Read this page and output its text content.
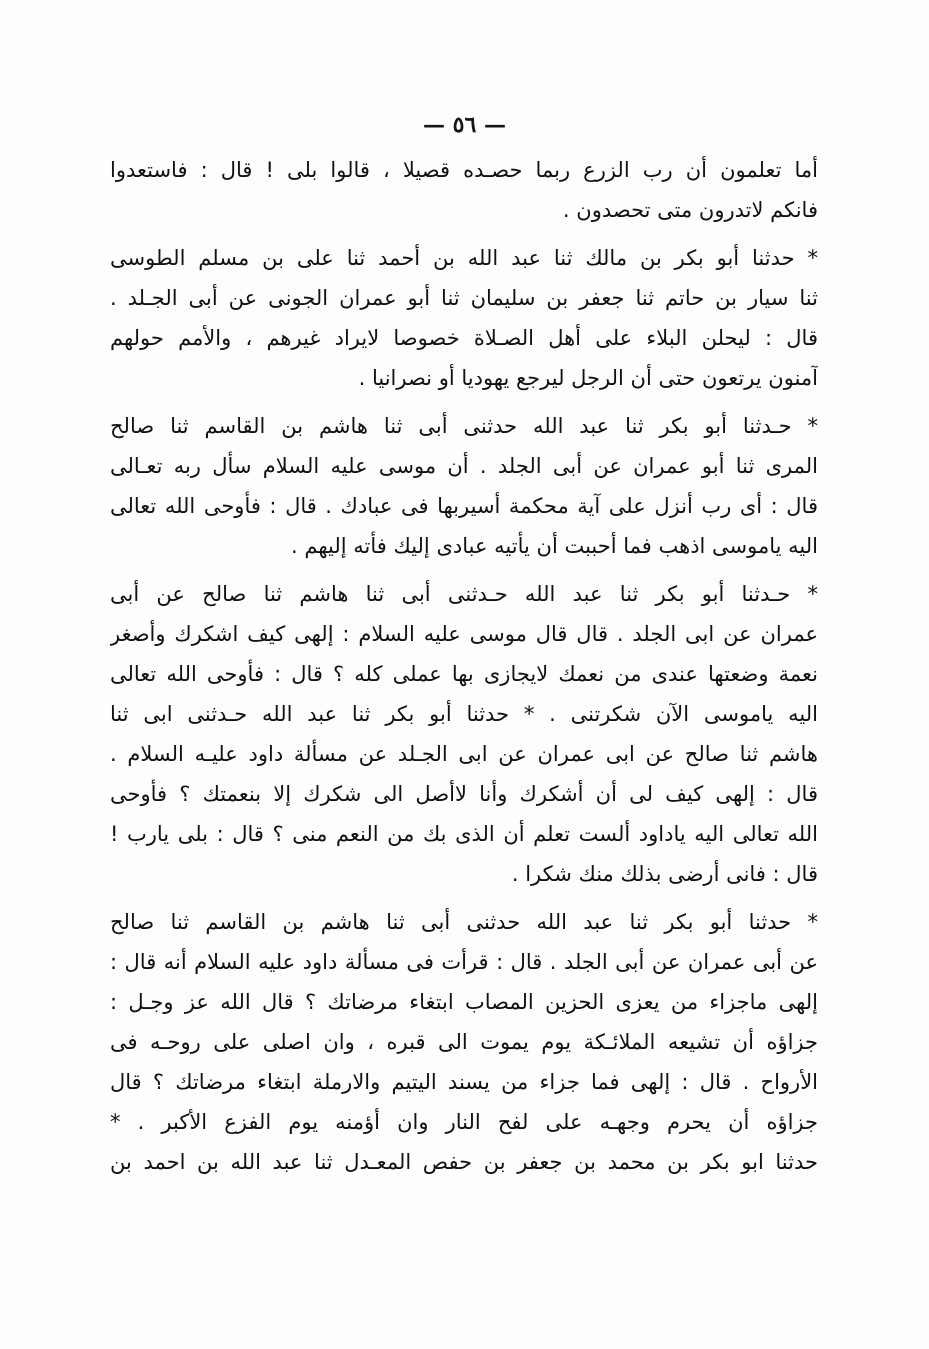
— ٥٦ —
أما تعلمون أن رب الزرع ربما حصـده قصيلا ، قالوا بلى ! قال : فاستعدوا
فانكم لاتدرون متى تحصدون .
* حدثنا أبو بكر بن مالك ثنا عبد الله بن أحمد ثنا على بن مسلم الطوسى
ثنا سيار بن حاتم ثنا جعفر بن سليمان ثنا أبو عمران الجونى عن أبى الجـلد .
قال : ليحلن البلاء على أهل الصـلاة خصوصا لايراد غيرهم ، والأمم حولهم
آمنون يرتعون حتى أن الرجل ليرجع يهوديا أو نصرانيا .
* حـدثنا أبو بكر ثنا عبد الله حدثنى أبى ثنا هاشم بن القاسم ثنا صالح
المرى ثنا أبو عمران عن أبى الجلد . أن موسى عليه السلام سأل ربه تعـالى
قال : أى رب أنزل على آية محكمة أسيربها فى عبادك . قال : فأوحى الله تعالى
اليه ياموسى اذهب فما أحببت أن يأتيه عبادى إليك فأته إليهم .
* حـدثنا أبو بكر ثنا عبد الله حـدثنى أبى ثنا هاشم ثنا صالح عن أبى
عمران عن ابى الجلد . قال قال موسى عليه السلام : إلهى كيف اشكرك وأصغر
نعمة وضعتها عندى من نعمك لايجازى بها عملى كله ؟ قال : فأوحى الله تعالى
اليه ياموسى الآن شكرتنى . * حدثنا أبو بكر ثنا عبد الله حـدثنى ابى ثنا
هاشم ثنا صالح عن ابى عمران عن ابى الجـلد عن مسألة داود عليـه السلام .
قال : إلهى كيف لى أن أشكرك وأنا لاأصل الى شكرك إلا بنعمتك ؟ فأوحى
الله تعالى اليه ياداود ألست تعلم أن الذى بك من النعم منى ؟ قال : بلى يارب !
قال : فانى أرضى بذلك منك شكرا .
* حدثنا أبو بكر ثنا عبد الله حدثنى أبى ثنا هاشم بن القاسم ثنا صالح
عن أبى عمران عن أبى الجلد . قال : قرأت فى مسألة داود عليه السلام أنه قال :
إلهى ماجزاء من يعزى الحزين المصاب ابتغاء مرضاتك ؟ قال الله عز وجـل :
جزاؤه أن تشيعه الملائـكة يوم يموت الى قبره ، وان اصلى على روحـه فى
الأرواح . قال : إلهى فما جزاء من يسند اليتيم والارملة ابتغاء مرضاتك ؟ قال
جزاؤه أن يحرم وجهـه على لفح النار وان أؤمنه يوم الفزع الأكبر . *
حدثنا ابو بكر بن محمد بن جعفر بن حفص المعـدل ثنا عبد الله بن احمد بن
